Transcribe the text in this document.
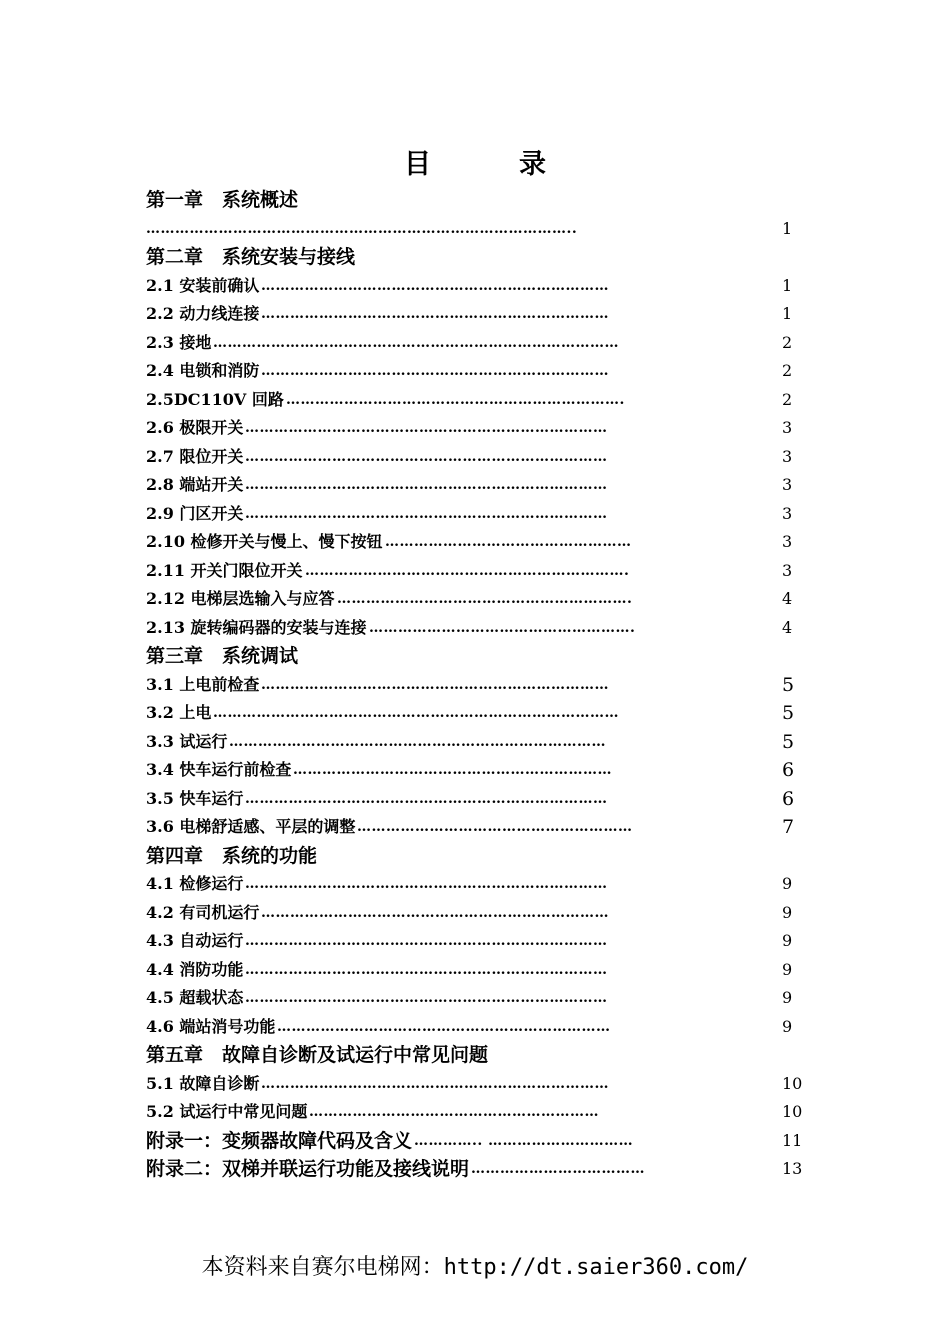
目	录
第一章　系统概述
……………………………………………………………………………..	1
第二章　系统安装与接线
2.1 安装前确认 ………………………………………………………………	1
2.2 动力线连接 ………………………………………………………………	1
2.3 接地 …………………………………………………………………………	2
2.4 电锁和消防 ………………………………………………………………	2
2.5DC110V 回路 …………………………………………………………….	2
2.6 极限开关 …………………………………………………………………	3
2.7 限位开关 …………………………………………………………………	3
2.8 端站开关 …………………………………………………………………	3
2.9 门区开关 …………………………………………………………………	3
2.10 检修开关与慢上、慢下按钮 ……………………………………………	3
2.11 开关门限位开关 ………………………………………………………….	3
2.12 电梯层选输入与应答 …………………………………………………….	4
2.13 旋转编码器的安装与连接 ……………………………………………….	4
第三章　系统调试
3.1 上电前检查 ………………………………………………………………	5
3.2 上电 …………………………………………………………………………	5
3.3 试运行 ……………………………………………………………………	5
3.4 快车运行前检查 …………………………………………………………	6
3.5 快车运行 …………………………………………………………………	6
3.6 电梯舒适感、平层的调整 …………………………………………………	7
第四章　系统的功能
4.1 检修运行 …………………………………………………………………	9
4.2 有司机运行 ………………………………………………………………	9
4.3 自动运行 …………………………………………………………………	9
4.4 消防功能 …………………………………………………………………	9
4.5 超载状态 …………………………………………………………………	9
4.6 端站消号功能 ……………………………………………………………	9
第五章　故障自诊断及试运行中常见问题
5.1 故障自诊断 ………………………………………………………………	10
5.2 试运行中常见问题 ……………………………………………………	10
附录一：变频器故障代码及含义 ………….. …………………………	11
附录二：双梯并联运行功能及接线说明 ………………………………	13
本资料来自赛尔电梯网：http://dt.saier360.com/
